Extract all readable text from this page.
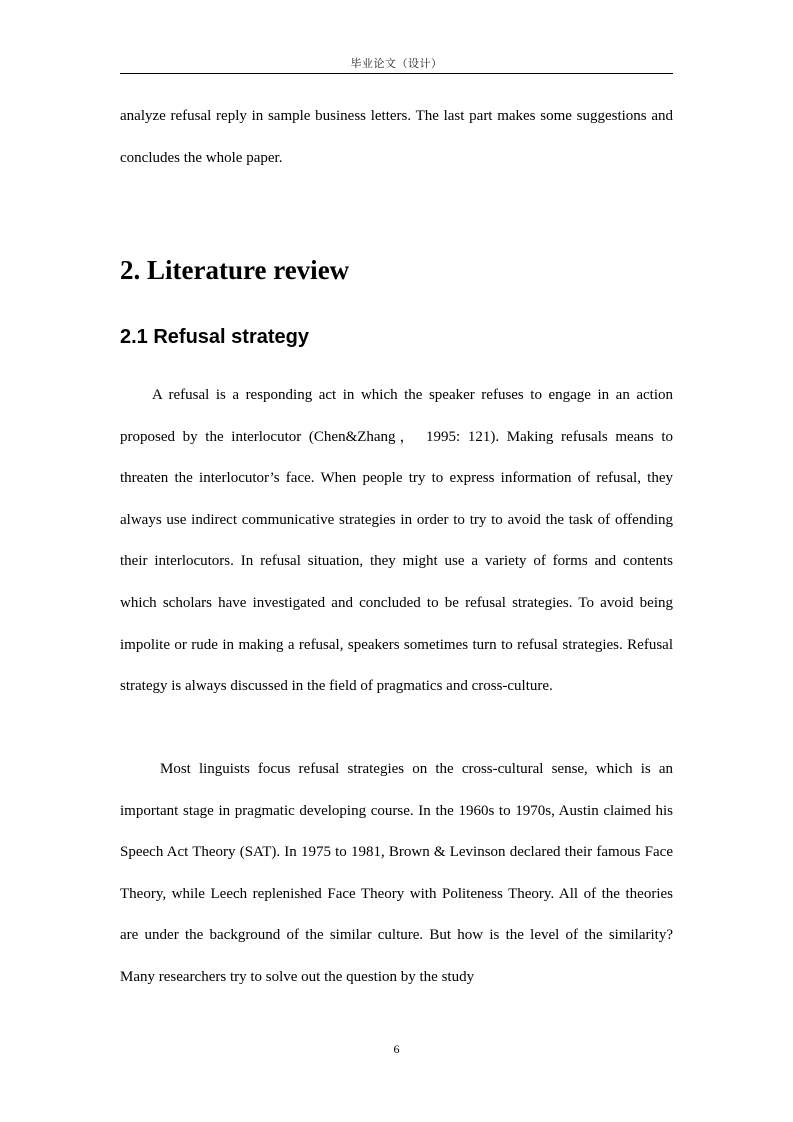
毕业论文（设计）

analyze refusal reply in sample business letters. The last part makes some suggestions and concludes the whole paper.

2. Literature review
2.1 Refusal strategy

A refusal is a responding act in which the speaker refuses to engage in an action proposed by the interlocutor (Chen&Zhang， 1995: 121). Making refusals means to threaten the interlocutor’s face. When people try to express information of refusal, they always use indirect communicative strategies in order to try to avoid the task of offending their interlocutors. In refusal situation, they might use a variety of forms and contents which scholars have investigated and concluded to be refusal strategies. To avoid being impolite or rude in making a refusal, speakers sometimes turn to refusal strategies. Refusal strategy is always discussed in the field of pragmatics and cross-culture.

Most linguists focus refusal strategies on the cross-cultural sense, which is an important stage in pragmatic developing course. In the 1960s to 1970s, Austin claimed his Speech Act Theory (SAT). In 1975 to 1981, Brown & Levinson declared their famous Face Theory, while Leech replenished Face Theory with Politeness Theory. All of the theories are under the background of the similar culture. But how is the level of the similarity? Many researchers try to solve out the question by the study

6
